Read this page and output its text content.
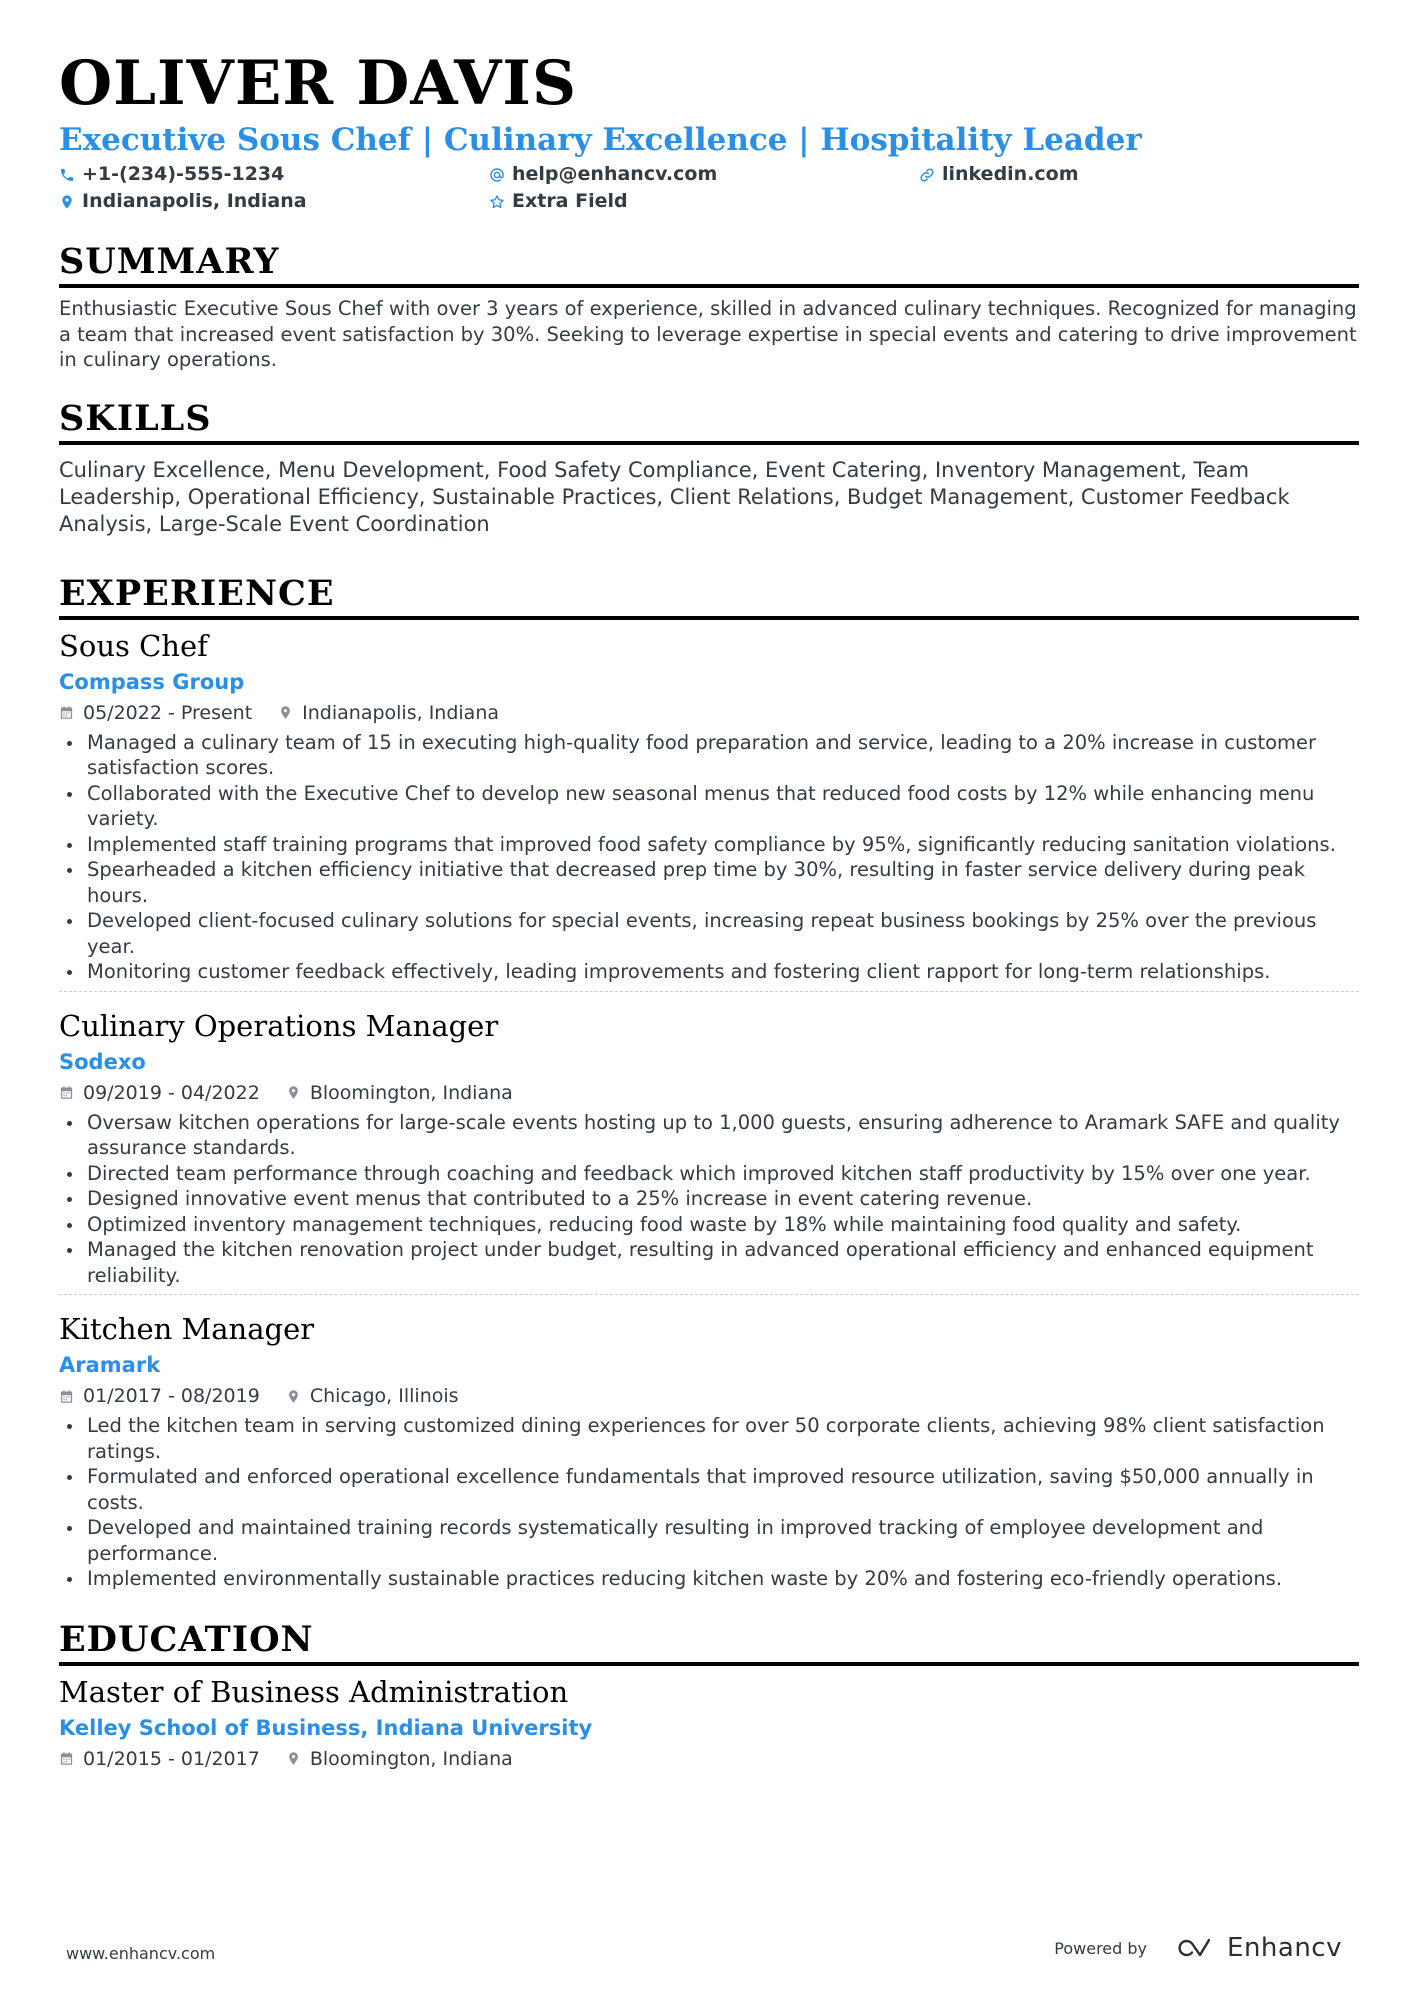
OLIVER DAVIS
Executive Sous Chef | Culinary Excellence | Hospitality Leader
+1-(234)-555-1234	help@enhancv.com	linkedin.com
Indianapolis, Indiana	Extra Field
SUMMARY
Enthusiastic Executive Sous Chef with over 3 years of experience, skilled in advanced culinary techniques. Recognized for managing a team that increased event satisfaction by 30%. Seeking to leverage expertise in special events and catering to drive improvement in culinary operations.
SKILLS
Culinary Excellence, Menu Development, Food Safety Compliance, Event Catering, Inventory Management, Team Leadership, Operational Efficiency, Sustainable Practices, Client Relations, Budget Management, Customer Feedback Analysis, Large-Scale Event Coordination
EXPERIENCE
Sous Chef
Compass Group
05/2022 - Present	Indianapolis, Indiana
Managed a culinary team of 15 in executing high-quality food preparation and service, leading to a 20% increase in customer satisfaction scores.
Collaborated with the Executive Chef to develop new seasonal menus that reduced food costs by 12% while enhancing menu variety.
Implemented staff training programs that improved food safety compliance by 95%, significantly reducing sanitation violations.
Spearheaded a kitchen efficiency initiative that decreased prep time by 30%, resulting in faster service delivery during peak hours.
Developed client-focused culinary solutions for special events, increasing repeat business bookings by 25% over the previous year.
Monitoring customer feedback effectively, leading improvements and fostering client rapport for long-term relationships.
Culinary Operations Manager
Sodexo
09/2019 - 04/2022	Bloomington, Indiana
Oversaw kitchen operations for large-scale events hosting up to 1,000 guests, ensuring adherence to Aramark SAFE and quality assurance standards.
Directed team performance through coaching and feedback which improved kitchen staff productivity by 15% over one year.
Designed innovative event menus that contributed to a 25% increase in event catering revenue.
Optimized inventory management techniques, reducing food waste by 18% while maintaining food quality and safety.
Managed the kitchen renovation project under budget, resulting in advanced operational efficiency and enhanced equipment reliability.
Kitchen Manager
Aramark
01/2017 - 08/2019	Chicago, Illinois
Led the kitchen team in serving customized dining experiences for over 50 corporate clients, achieving 98% client satisfaction ratings.
Formulated and enforced operational excellence fundamentals that improved resource utilization, saving $50,000 annually in costs.
Developed and maintained training records systematically resulting in improved tracking of employee development and performance.
Implemented environmentally sustainable practices reducing kitchen waste by 20% and fostering eco-friendly operations.
EDUCATION
Master of Business Administration
Kelley School of Business, Indiana University
01/2015 - 01/2017	Bloomington, Indiana
www.enhancv.com	Powered by	Enhancv
